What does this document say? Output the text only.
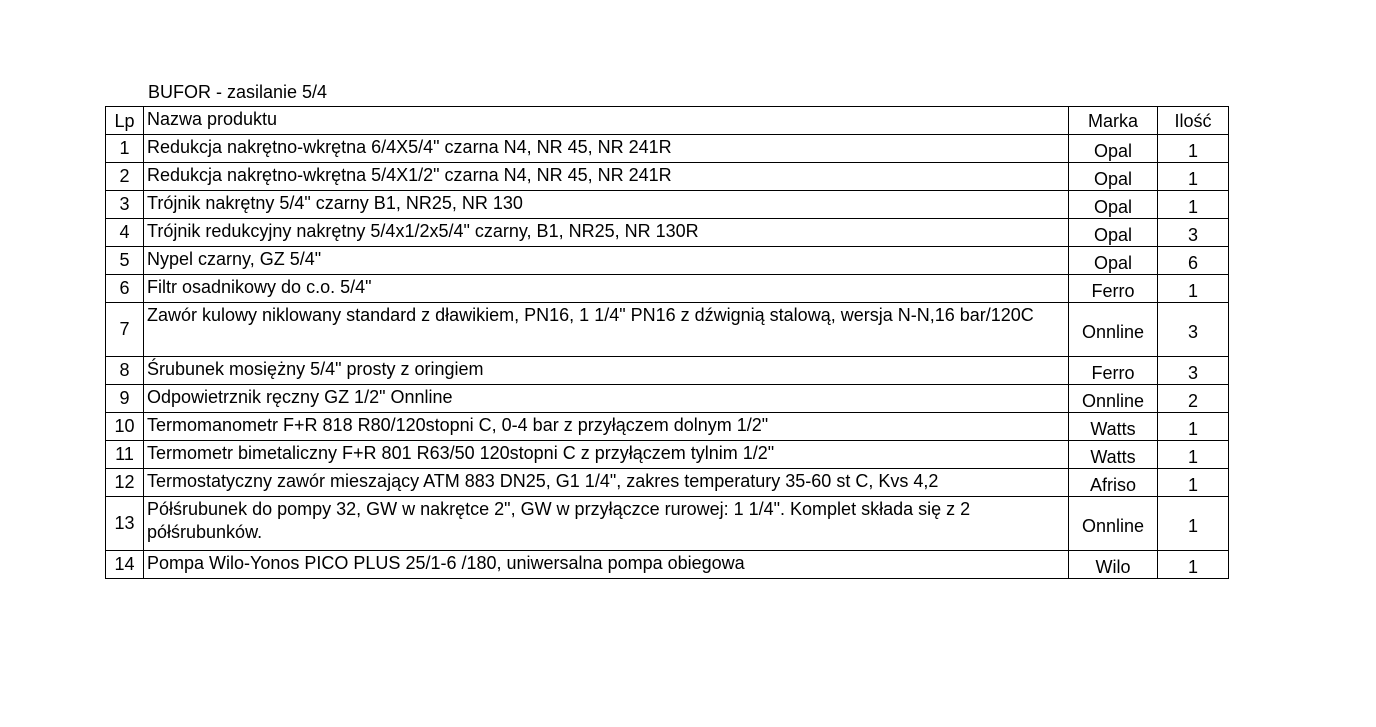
BUFOR - zasilanie 5/4
Lp	Nazwa produktu	Marka	Ilość
1	Redukcja nakrętno-wkrętna 6/4X5/4" czarna N4, NR 45, NR 241R	Opal	1
2	Redukcja nakrętno-wkrętna 5/4X1/2" czarna N4, NR 45, NR 241R	Opal	1
3	Trójnik nakrętny 5/4" czarny B1, NR25, NR 130	Opal	1
4	Trójnik redukcyjny nakrętny 5/4x1/2x5/4" czarny, B1, NR25, NR 130R	Opal	3
5	Nypel czarny, GZ 5/4"	Opal	6
6	Filtr osadnikowy do c.o. 5/4"	Ferro	1
7	Zawór kulowy niklowany standard z dławikiem, PN16, 1 1/4" PN16 z dźwignią stalową, wersja N-N,16 bar/120C	Onnline	3
8	Śrubunek mosiężny 5/4" prosty z oringiem	Ferro	3
9	Odpowietrznik ręczny GZ 1/2" Onnline	Onnline	2
10	Termomanometr F+R 818 R80/120stopni C, 0-4 bar z przyłączem dolnym 1/2"	Watts	1
11	Termometr bimetaliczny F+R 801 R63/50 120stopni C z przyłączem tylnim 1/2"	Watts	1
12	Termostatyczny zawór mieszający ATM 883 DN25, G1 1/4", zakres temperatury 35-60 st C, Kvs 4,2	Afriso	1
13	Półśrubunek do pompy 32, GW w nakrętce 2", GW w przyłączce rurowej: 1 1/4". Komplet składa się z 2 półśrubunków.	Onnline	1
14	Pompa Wilo-Yonos PICO PLUS 25/1-6 /180, uniwersalna pompa obiegowa	Wilo	1
